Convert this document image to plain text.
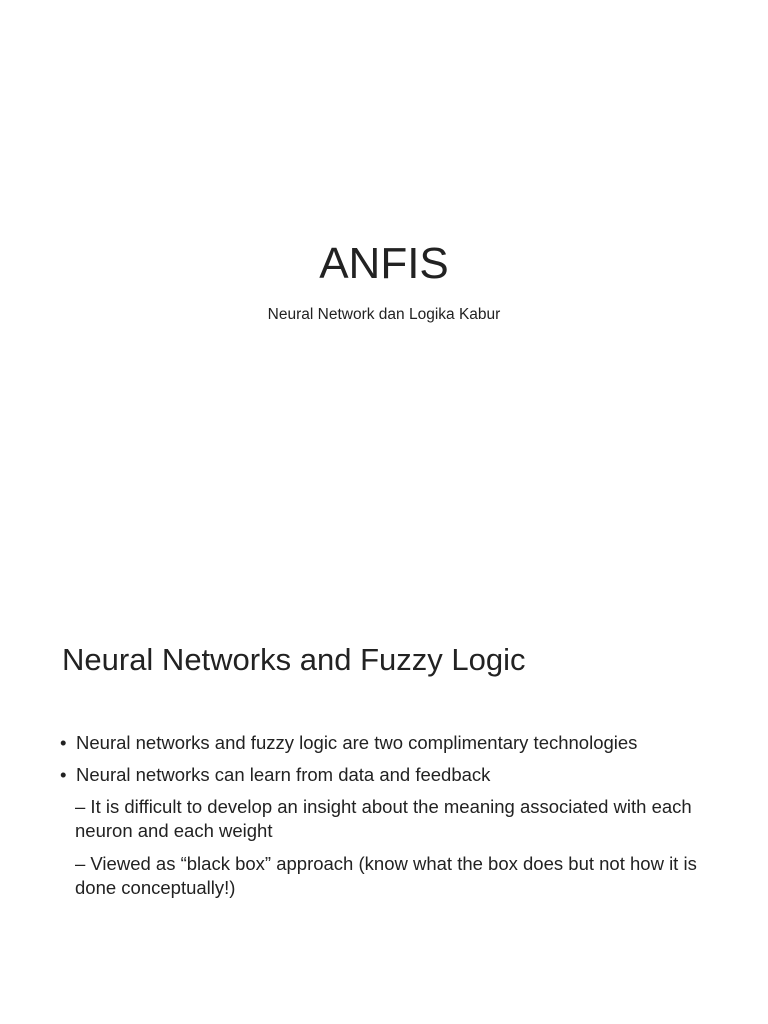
ANFIS
Neural Network dan Logika Kabur
Neural Networks and Fuzzy Logic
• Neural networks and fuzzy logic are two complimentary technologies
• Neural networks can learn from data and feedback
– It is difficult to develop an insight about the meaning associated with each neuron and each weight
– Viewed as “black box” approach (know what the box does but not how it is done conceptually!)
